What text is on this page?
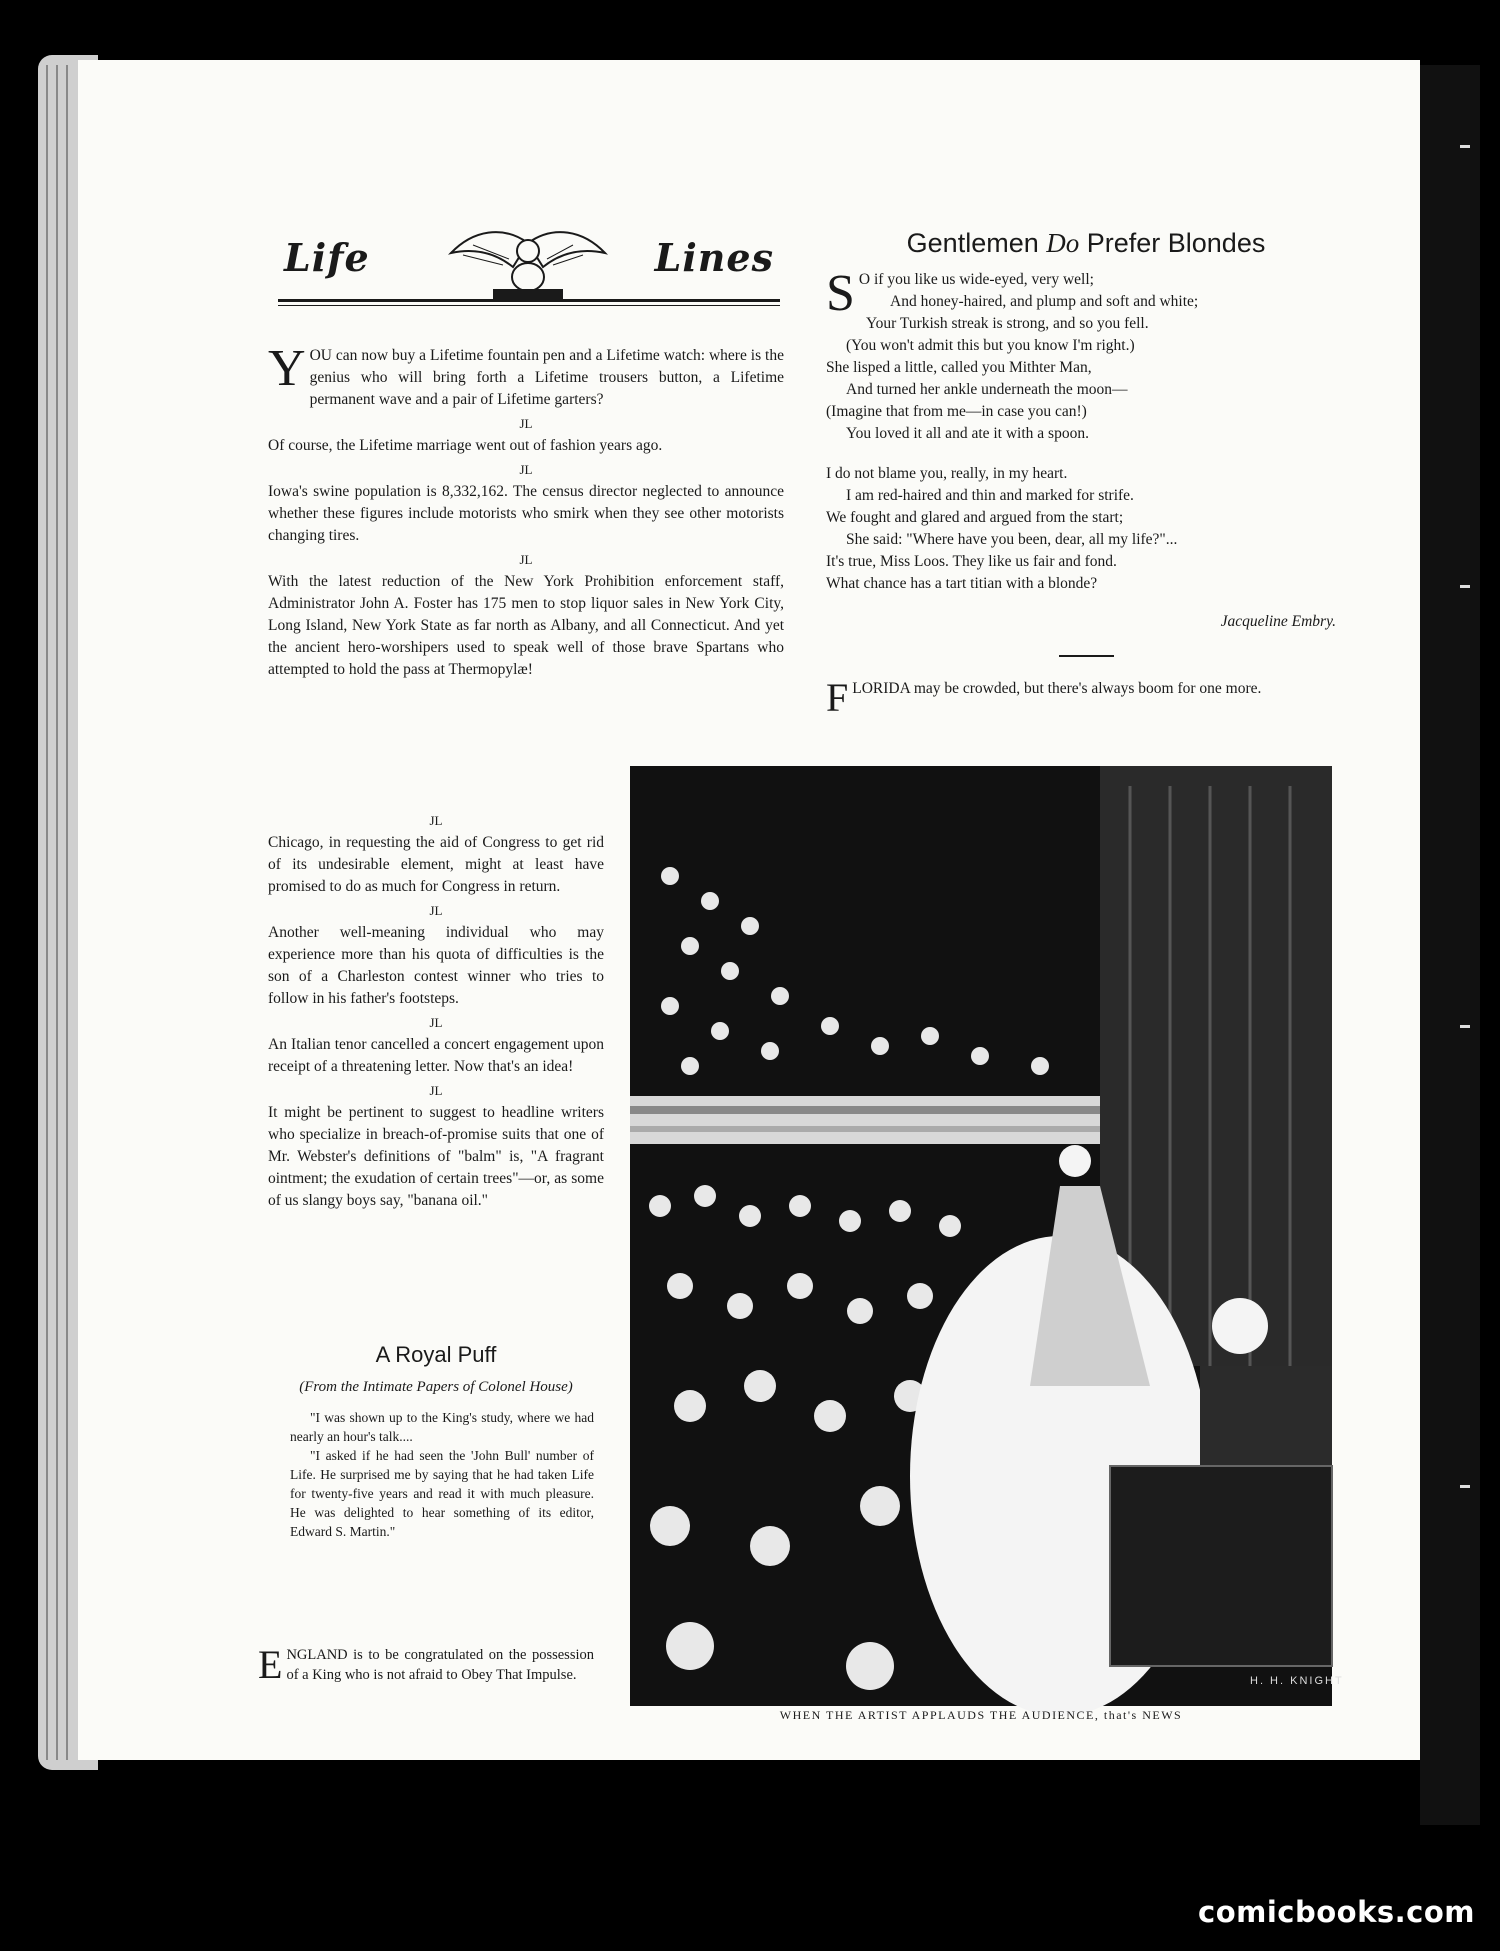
Life	Lines

YOU can now buy a Lifetime fountain pen and a Lifetime watch: where is the genius who will bring forth a Lifetime trousers button, a Lifetime permanent wave and a pair of Lifetime garters?

JL

Of course, the Lifetime marriage went out of fashion years ago.

JL

Iowa's swine population is 8,332,162. The census director neglected to announce whether these figures include motorists who smirk when they see other motorists changing tires.

JL

With the latest reduction of the New York Prohibition enforcement staff, Administrator John A. Foster has 175 men to stop liquor sales in New York City, Long Island, New York State as far north as Albany, and all Connecticut. And yet the ancient hero-worshipers used to speak well of those brave Spartans who attempted to hold the pass at Thermopylæ!

JL

Chicago, in requesting the aid of Congress to get rid of its undesirable element, might at least have promised to do as much for Congress in return.

JL

Another well-meaning individual who may experience more than his quota of difficulties is the son of a Charleston contest winner who tries to follow in his father's footsteps.

JL

An Italian tenor cancelled a concert engagement upon receipt of a threatening letter. Now that's an idea!

JL

It might be pertinent to suggest to headline writers who specialize in breach-of-promise suits that one of Mr. Webster's definitions of "balm" is, "A fragrant ointment; the exudation of certain trees"—or, as some of us slangy boys say, "banana oil."

A Royal Puff
(From the Intimate Papers of Colonel House)

"I was shown up to the King's study, where we had nearly an hour's talk....

"I asked if he had seen the 'John Bull' number of Life. He surprised me by saying that he had taken Life for twenty-five years and read it with much pleasure. He was delighted to hear something of its editor, Edward S. Martin."

ENGLAND is to be congratulated on the possession of a King who is not afraid to Obey That Impulse.
Gentlemen Do Prefer Blondes
S O if you like us wide-eyed, very well;
And honey-haired, and plump and soft and white;
Your Turkish streak is strong, and so you fell.
(You won't admit this but you know I'm right.)
She lisped a little, called you Mithter Man,
And turned her ankle underneath the moon—
(Imagine that from me—in case you can!)
You loved it all and ate it with a spoon.
I do not blame you, really, in my heart.
I am red-haired and thin and marked for strife.
We fought and glared and argued from the start;
She said: "Where have you been, dear, all my life?"...
It's true, Miss Loos. They like us fair and fond.
What chance has a tart titian with a blonde?
Jacqueline Embry.
FLORIDA may be crowded, but there's always boom for one more.
H. H. KNIGHT
WHEN THE ARTIST APPLAUDS THE AUDIENCE, that's NEWS
comicbooks.com
